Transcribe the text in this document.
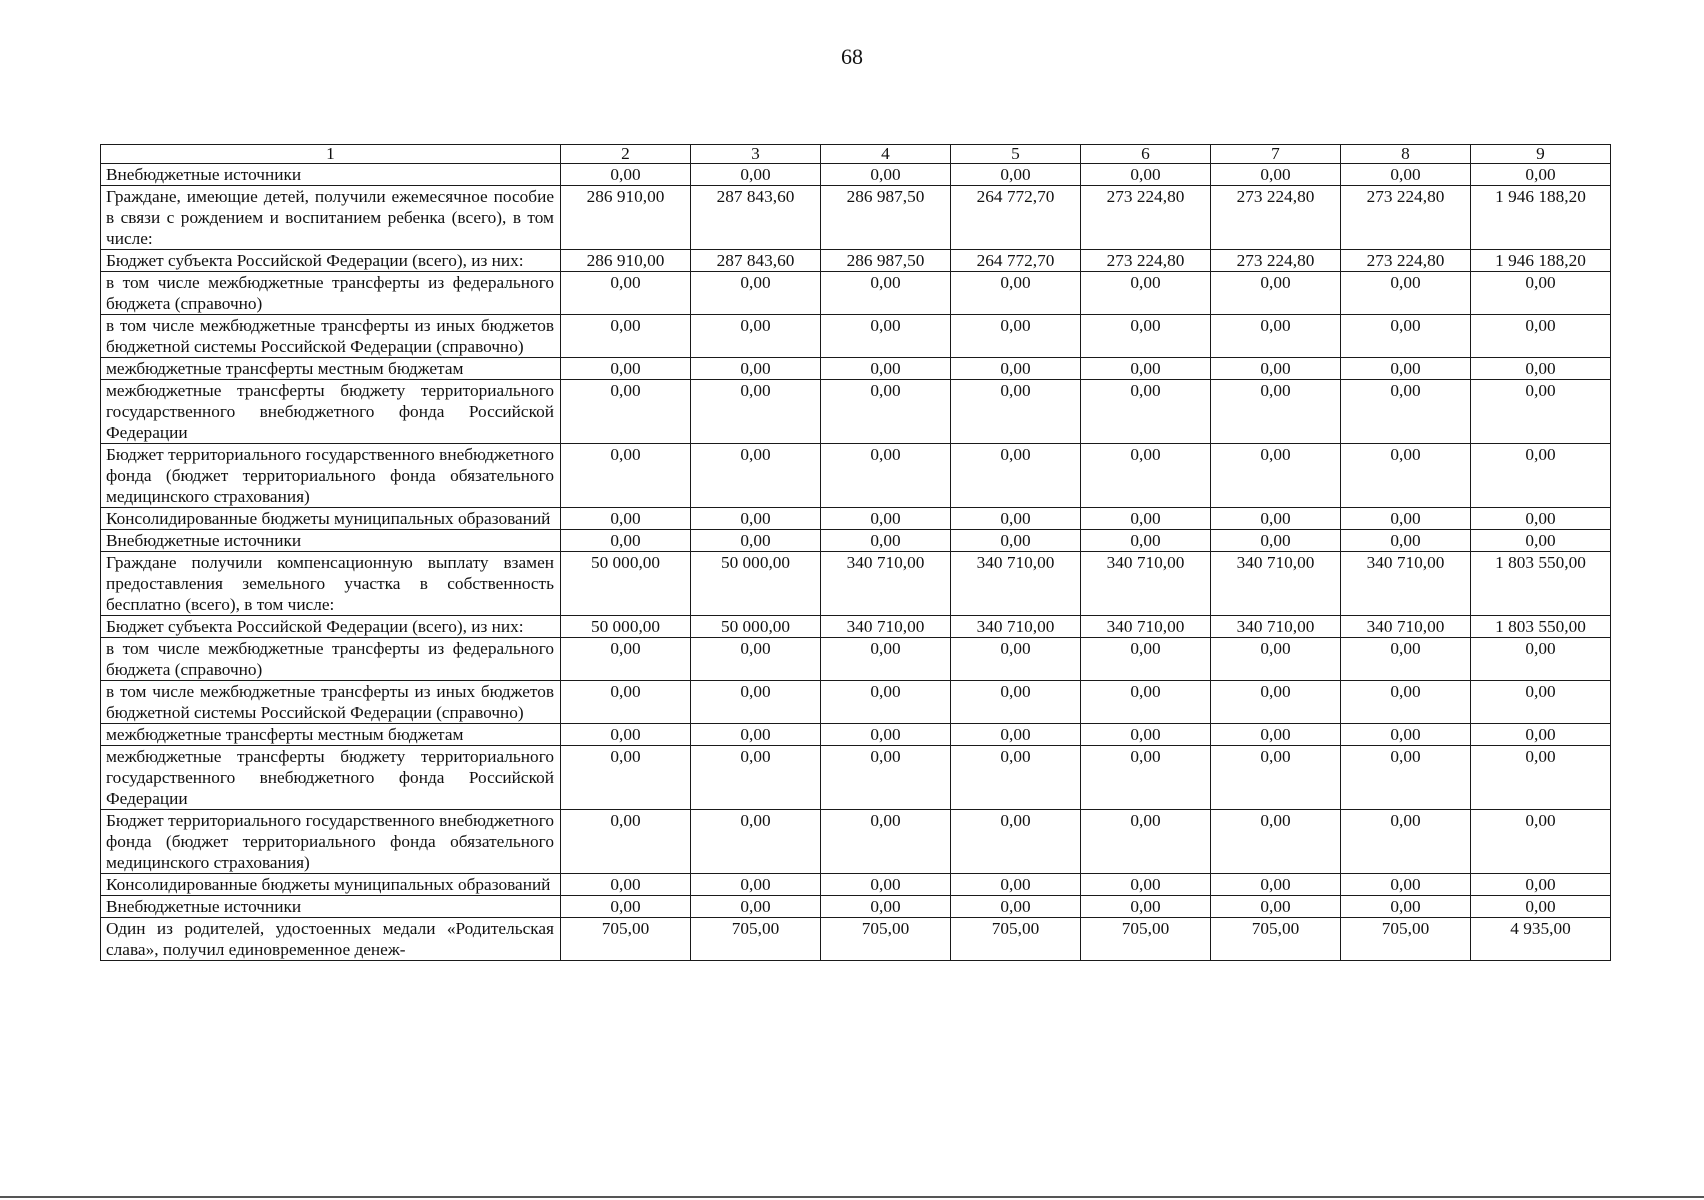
68
1	2	3	4	5	6	7	8	9
Внебюджетные источники	0,00	0,00	0,00	0,00	0,00	0,00	0,00	0,00
Граждане, имеющие детей, получили ежемесячное пособие в связи с рождением и воспитанием ребенка (всего), в том числе:	286 910,00	287 843,60	286 987,50	264 772,70	273 224,80	273 224,80	273 224,80	1 946 188,20
Бюджет субъекта Российской Федерации (всего), из них:	286 910,00	287 843,60	286 987,50	264 772,70	273 224,80	273 224,80	273 224,80	1 946 188,20
в том числе межбюджетные трансферты из федерального бюджета (справочно)	0,00	0,00	0,00	0,00	0,00	0,00	0,00	0,00
в том числе межбюджетные трансферты из иных бюджетов бюджетной системы Российской Федерации (справочно)	0,00	0,00	0,00	0,00	0,00	0,00	0,00	0,00
межбюджетные трансферты местным бюджетам	0,00	0,00	0,00	0,00	0,00	0,00	0,00	0,00
межбюджетные трансферты бюджету территориального государственного внебюджетного фонда Российской Федерации	0,00	0,00	0,00	0,00	0,00	0,00	0,00	0,00
Бюджет территориального государственного внебюджетного фонда (бюджет территориального фонда обязательного медицинского страхования)	0,00	0,00	0,00	0,00	0,00	0,00	0,00	0,00
Консолидированные бюджеты муниципальных образований	0,00	0,00	0,00	0,00	0,00	0,00	0,00	0,00
Внебюджетные источники	0,00	0,00	0,00	0,00	0,00	0,00	0,00	0,00
Граждане получили компенсационную выплату взамен предоставления земельного участка в собственность бесплатно (всего), в том числе:	50 000,00	50 000,00	340 710,00	340 710,00	340 710,00	340 710,00	340 710,00	1 803 550,00
Бюджет субъекта Российской Федерации (всего), из них:	50 000,00	50 000,00	340 710,00	340 710,00	340 710,00	340 710,00	340 710,00	1 803 550,00
в том числе межбюджетные трансферты из федерального бюджета (справочно)	0,00	0,00	0,00	0,00	0,00	0,00	0,00	0,00
в том числе межбюджетные трансферты из иных бюджетов бюджетной системы Российской Федерации (справочно)	0,00	0,00	0,00	0,00	0,00	0,00	0,00	0,00
межбюджетные трансферты местным бюджетам	0,00	0,00	0,00	0,00	0,00	0,00	0,00	0,00
межбюджетные трансферты бюджету территориального государственного внебюджетного фонда Российской Федерации	0,00	0,00	0,00	0,00	0,00	0,00	0,00	0,00
Бюджет территориального государственного внебюджетного фонда (бюджет территориального фонда обязательного медицинского страхования)	0,00	0,00	0,00	0,00	0,00	0,00	0,00	0,00
Консолидированные бюджеты муниципальных образований	0,00	0,00	0,00	0,00	0,00	0,00	0,00	0,00
Внебюджетные источники	0,00	0,00	0,00	0,00	0,00	0,00	0,00	0,00
Один из родителей, удостоенных медали «Родительская слава», получил единовременное денеж-	705,00	705,00	705,00	705,00	705,00	705,00	705,00	4 935,00
